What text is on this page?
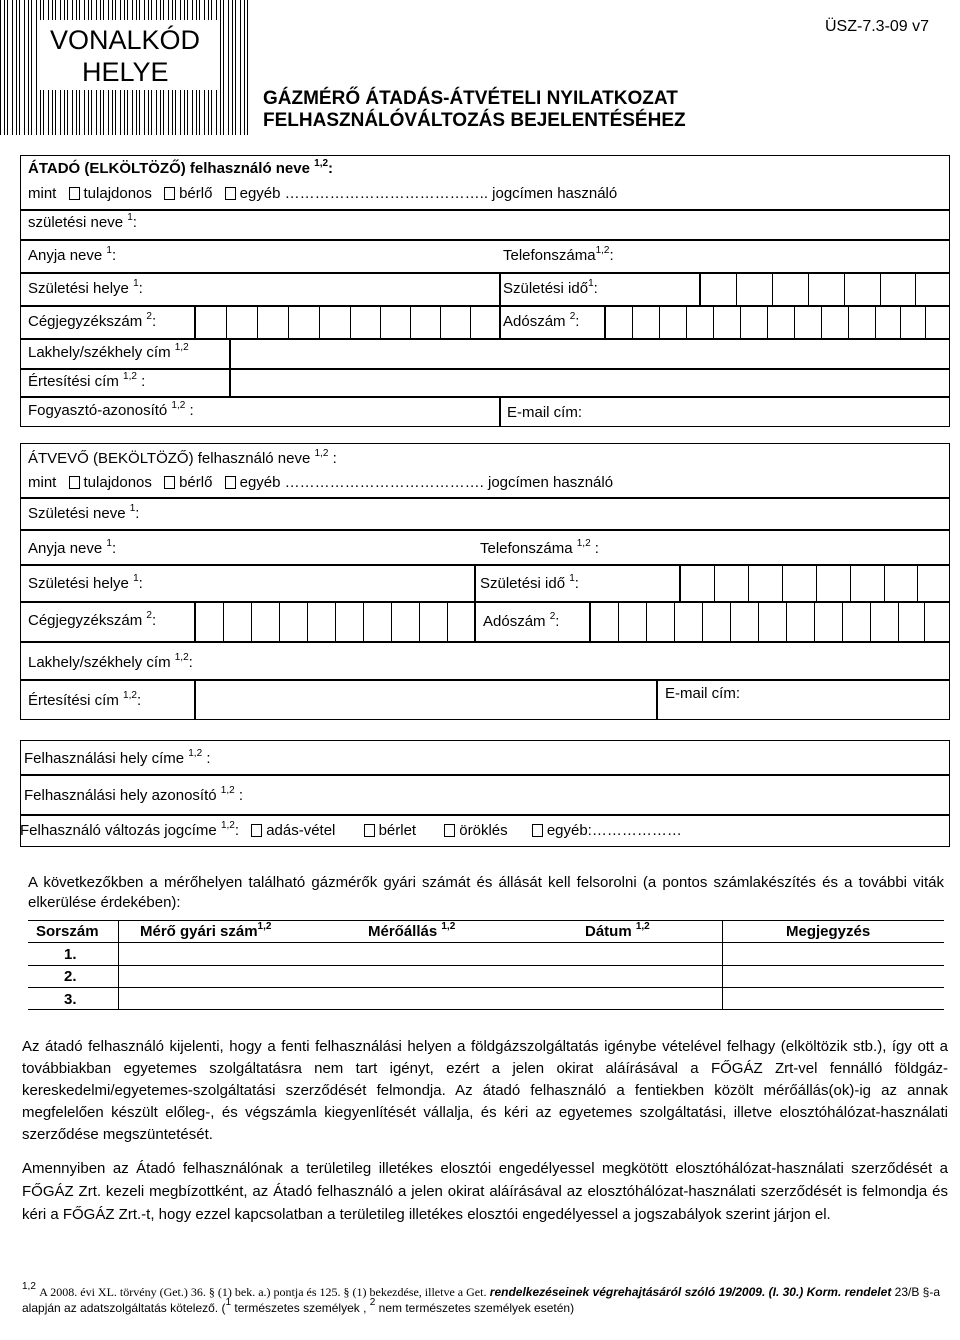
VONALKÓD
HELYE
ÜSZ-7.3-09 v7
GÁZMÉRŐ ÁTADÁS-ÁTVÉTELI NYILATKOZAT
FELHASZNÁLÓVÁLTOZÁS BEJELENTÉSÉHEZ
ÁTADÓ (ELKÖLTÖZŐ) felhasználó neve $^{1,2}$:
mint tulajdonos bérlő egyéb ………………………………….. jogcímen használó
születési neve $^1$:
Anyja neve $^1$:	Telefonszáma$^{1,2}$:
Születési helye $^1$:	Születési idő$^1$:
Cégjegyzékszám $^2$:	Adószám $^2$:
Lakhely/székhely cím $^{1,2}$
Értesítési cím $^{1,2}$ :
Fogyasztó-azonosító $^{1,2}$ :	E-mail cím:
ÁTVEVŐ (BEKÖLTÖZŐ) felhasználó neve $^{1,2}$ :
mint tulajdonos bérlő egyéb …………………………………. jogcímen használó
Születési neve $^1$:
Anyja neve $^1$:	Telefonszáma $^{1,2}$ :
Születési helye $^1$:	Születési idő $^1$:
Cégjegyzékszám $^2$:	Adószám $^2$:
Lakhely/székhely cím $^{1,2}$:
Értesítési cím $^{1,2}$:	E-mail cím:
Felhasználási hely címe $^{1,2}$ :
Felhasználási hely azonosító $^{1,2}$ :
Felhasználó változás jogcíme $^{1,2}$: adás-vétel	bérlet	öröklés	egyéb:………………
A következőkben a mérőhelyen található gázmérők gyári számát és állását kell felsorolni (a pontos számlakészítés és a további viták elkerülése érdekében):
Sorszám	Mérő gyári szám$^{1,2}$	Mérőállás $^{1,2}$	Dátum $^{1,2}$	Megjegyzés
1.
2.
3.
Az átadó felhasználó kijelenti, hogy a fenti felhasználási helyen a földgázszolgáltatás igénybe vételével felhagy (elköltözik stb.), így ott a továbbiakban egyetemes szolgáltatásra nem tart igényt, ezért a jelen okirat aláírásával a FŐGÁZ Zrt-vel fennálló földgáz-kereskedelmi/egyetemes-szolgáltatási szerződését felmondja. Az átadó felhasználó a fentiekben közölt mérőállás(ok)-ig az annak megfelelően készült előleg-, és végszámla kiegyenlítését vállalja, és kéri az egyetemes szolgáltatási, illetve elosztóhálózat-használati szerződése megszüntetését.
Amennyiben az Átadó felhasználónak a területileg illetékes elosztói engedélyessel megkötött elosztóhálózat-használati szerződését a FŐGÁZ Zrt. kezeli megbízottként, az Átadó felhasználó a jelen okirat aláírásával az elosztóhálózat-használati szerződését is felmondja és kéri a FŐGÁZ Zrt.-t, hogy ezzel kapcsolatban a területileg illetékes elosztói engedélyessel a jogszabályok szerint járjon el.
$^{1,2}$ A 2008. évi XL. törvény (Get.) 36. § (1) bek. a.) pontja és 125. § (1) bekezdése, illetve a Get. rendelkezéseinek végrehajtásáról szóló 19/2009. (I. 30.) Korm. rendelet 23/B §-a alapján az adatszolgáltatás kötelező. ($^1$ természetes személyek , $^2$ nem természetes személyek esetén)
